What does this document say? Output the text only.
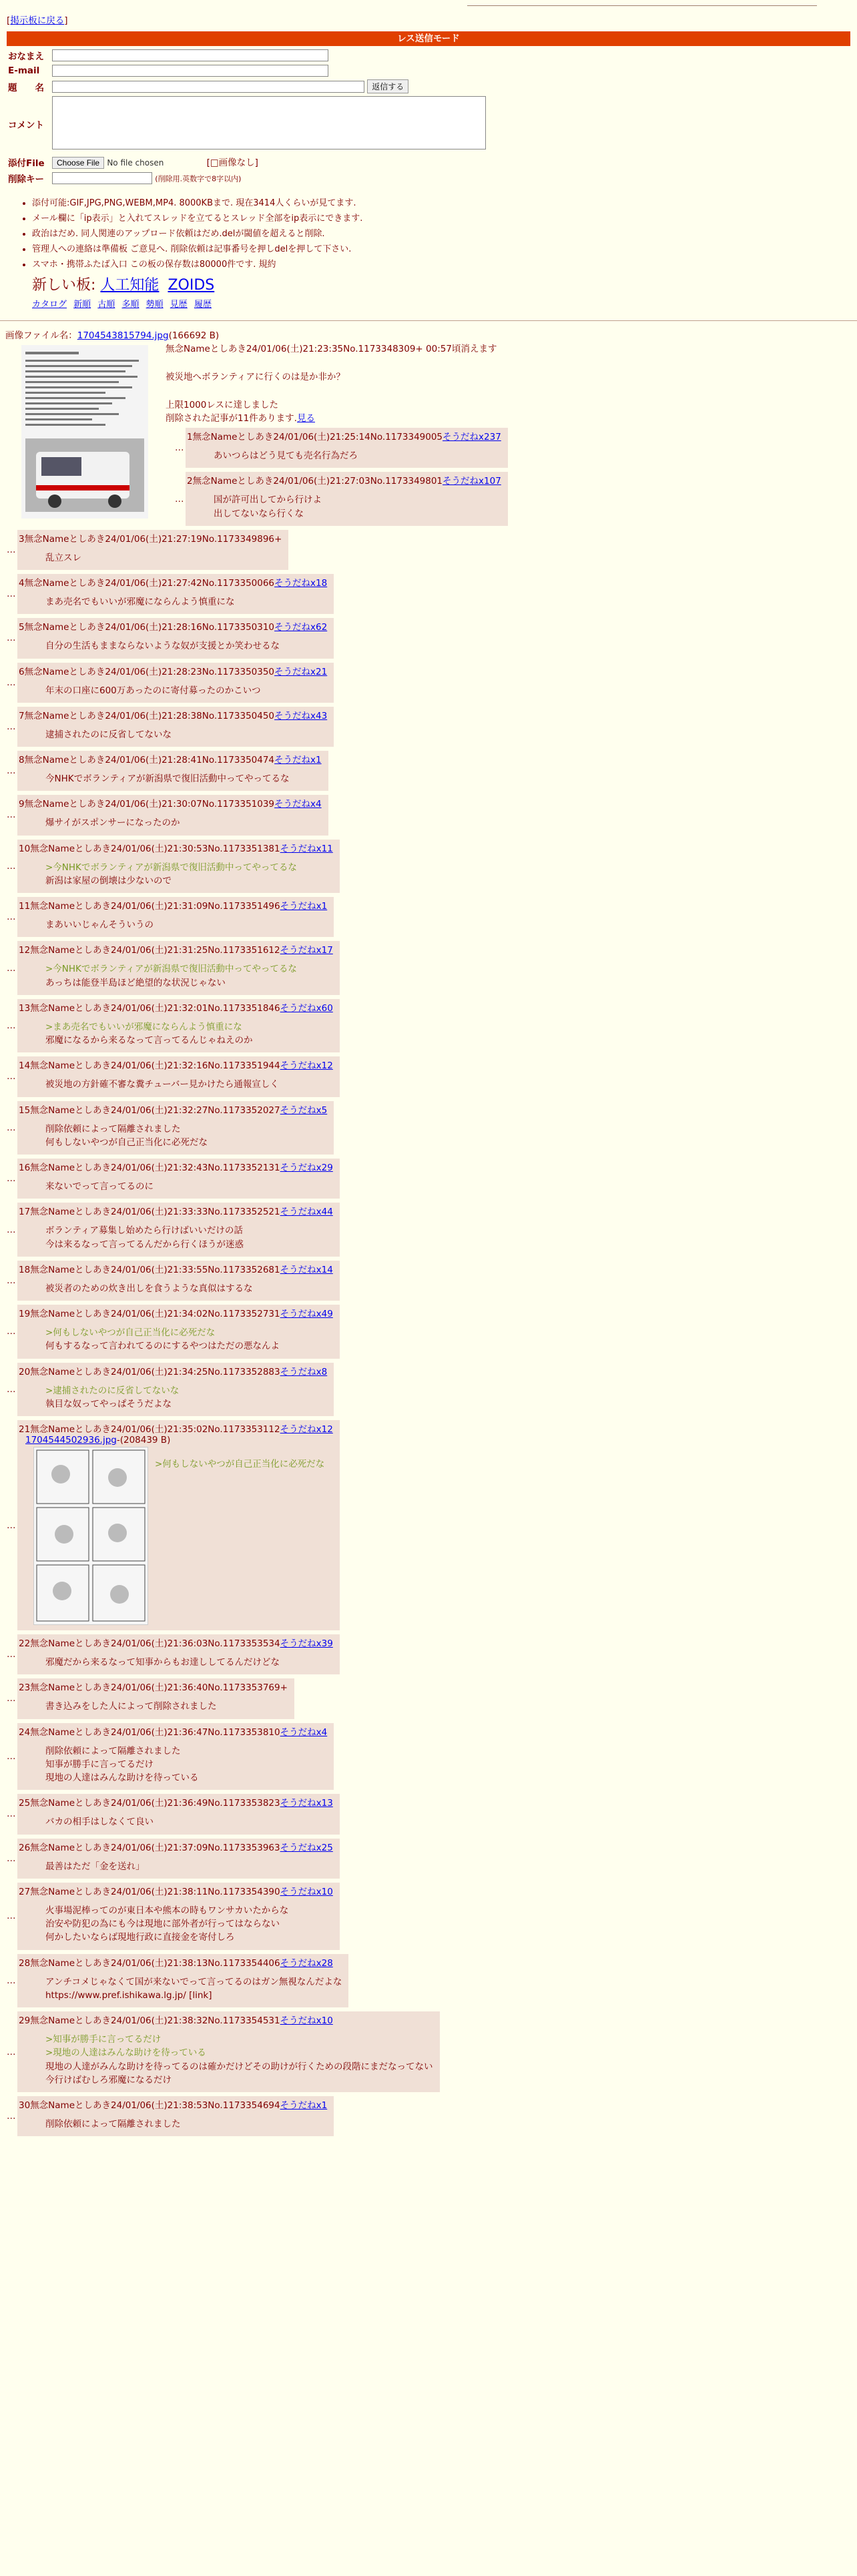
[掲示板に戻る]
レス送信モード
おなまえ	
E-mail	
題　　名	返信する
コメント	
添付File	Choose File No file chosen [□画像なし]
削除キー	(削除用.英数字で8字以内)
• 添付可能:GIF,JPG,PNG,WEBM,MP4. 8000KBまで. 現在3414人くらいが見てます.
• メール欄に「ip表示」と入れてスレッドを立てるとスレッド全部をip表示にできます.
• 政治はだめ. 同人関連のアップロード依頼はだめ.delが閾値を超えると削除.
• 管理人への連絡は準備板 ご意見へ. 削除依頼は記事番号を押しdelを押して下さい.
• スマホ・携帯ふたば入口 この板の保存数は80000件です. 規約
新しい板: 人工知能 ZOIDS
カタログ 新順 古順 多順 勢順 見歴 履歴
画像ファイル名：1704543815794.jpg(166692 B)
無念Nameとしあき24/01/06(土)21:23:35No.1173348309+ 00:57頃消えます
被災地へボランティアに行くのは是か非か？
上限1000レスに達しました
削除された記事が11件あります.見る
…
1無念Nameとしあき24/01/06(土)21:25:14No.1173349005そうだねx237
あいつらはどう見ても売名行為だろ
…
2無念Nameとしあき24/01/06(土)21:27:03No.1173349801そうだねx107
国が許可出してから行けよ
出してないなら行くな
…
3無念Nameとしあき24/01/06(土)21:27:19No.1173349896+
乱立スレ
…
4無念Nameとしあき24/01/06(土)21:27:42No.1173350066そうだねx18
まあ売名でもいいが邪魔にならんよう慎重にな
…
5無念Nameとしあき24/01/06(土)21:28:16No.1173350310そうだねx62
自分の生活もままならないような奴が支援とか笑わせるな
…
6無念Nameとしあき24/01/06(土)21:28:23No.1173350350そうだねx21
年末の口座に600万あったのに寄付募ったのかこいつ
…
7無念Nameとしあき24/01/06(土)21:28:38No.1173350450そうだねx43
逮捕されたのに反省してないな
…
8無念Nameとしあき24/01/06(土)21:28:41No.1173350474そうだねx1
今NHKでボランティアが新潟県で復旧活動中ってやってるな
…
9無念Nameとしあき24/01/06(土)21:30:07No.1173351039そうだねx4
爆サイがスポンサーになったのか
…
10無念Nameとしあき24/01/06(土)21:30:53No.1173351381そうだねx11
>今NHKでボランティアが新潟県で復旧活動中ってやってるな
新潟は家屋の倒壊は少ないので
…
11無念Nameとしあき24/01/06(土)21:31:09No.1173351496そうだねx1
まあいいじゃんそういうの
…
12無念Nameとしあき24/01/06(土)21:31:25No.1173351612そうだねx17
>今NHKでボランティアが新潟県で復旧活動中ってやってるな
あっちは能登半島ほど絶望的な状況じゃない
…
13無念Nameとしあき24/01/06(土)21:32:01No.1173351846そうだねx60
>まあ売名でもいいが邪魔にならんよう慎重にな
邪魔になるから来るなって言ってるんじゃねえのか
…
14無念Nameとしあき24/01/06(土)21:32:16No.1173351944そうだねx12
被災地の方針確不審な糞チューバー見かけたら通報宣しく
…
15無念Nameとしあき24/01/06(土)21:32:27No.1173352027そうだねx5
削除依頼によって隔離されました
何もしないやつが自己正当化に必死だな
…
16無念Nameとしあき24/01/06(土)21:32:43No.1173352131そうだねx29
来ないでって言ってるのに
…
17無念Nameとしあき24/01/06(土)21:33:33No.1173352521そうだねx44
ボランティア募集し始めたら行けばいいだけの話
今は来るなって言ってるんだから行くほうが迷惑
…
18無念Nameとしあき24/01/06(土)21:33:55No.1173352681そうだねx14
被災者のための炊き出しを食うような真似はするな
…
19無念Nameとしあき24/01/06(土)21:34:02No.1173352731そうだねx49
>何もしないやつが自己正当化に必死だな
何もするなって言われてるのにするやつはただの悪なんよ
…
20無念Nameとしあき24/01/06(土)21:34:25No.1173352883そうだねx8
>逮捕されたのに反省してないな
執目な奴ってやっぱそうだよな
…
21無念Nameとしあき24/01/06(土)21:35:02No.1173353112そうだねx12
1704544502936.jpg-(208439 B)
>何もしないやつが自己正当化に必死だな
…
22無念Nameとしあき24/01/06(土)21:36:03No.1173353534そうだねx39
邪魔だから来るなって知事からもお達ししてるんだけどな
…
23無念Nameとしあき24/01/06(土)21:36:40No.1173353769+
書き込みをした人によって削除されました
…
24無念Nameとしあき24/01/06(土)21:36:47No.1173353810そうだねx4
削除依頼によって隔離されました
知事が勝手に言ってるだけ
現地の人達はみんな助けを待っている
…
25無念Nameとしあき24/01/06(土)21:36:49No.1173353823そうだねx13
バカの相手はしなくて良い
…
26無念Nameとしあき24/01/06(土)21:37:09No.1173353963そうだねx25
最善はただ「金を送れ」
…
27無念Nameとしあき24/01/06(土)21:38:11No.1173354390そうだねx10
火事場泥棒ってのが東日本や熊本の時もワンサカいたからな
治安や防犯の為にも今は現地に部外者が行ってはならない
何かしたいならば現地行政に直接金を寄付しろ
…
28無念Nameとしあき24/01/06(土)21:38:13No.1173354406そうだねx28
アンチコメじゃなくて国が来ないでって言ってるのはガン無視なんだよな
https://www.pref.ishikawa.lg.jp/ [link]
…
29無念Nameとしあき24/01/06(土)21:38:32No.1173354531そうだねx10
>知事が勝手に言ってるだけ
>現地の人達はみんな助けを待っている
現地の人達がみんな助けを待ってるのは確かだけどその助けが行くための段階にまだなってない
今行けばむしろ邪魔になるだけ
…
30無念Nameとしあき24/01/06(土)21:38:53No.1173354694そうだねx1
削除依頼によって隔離されました
